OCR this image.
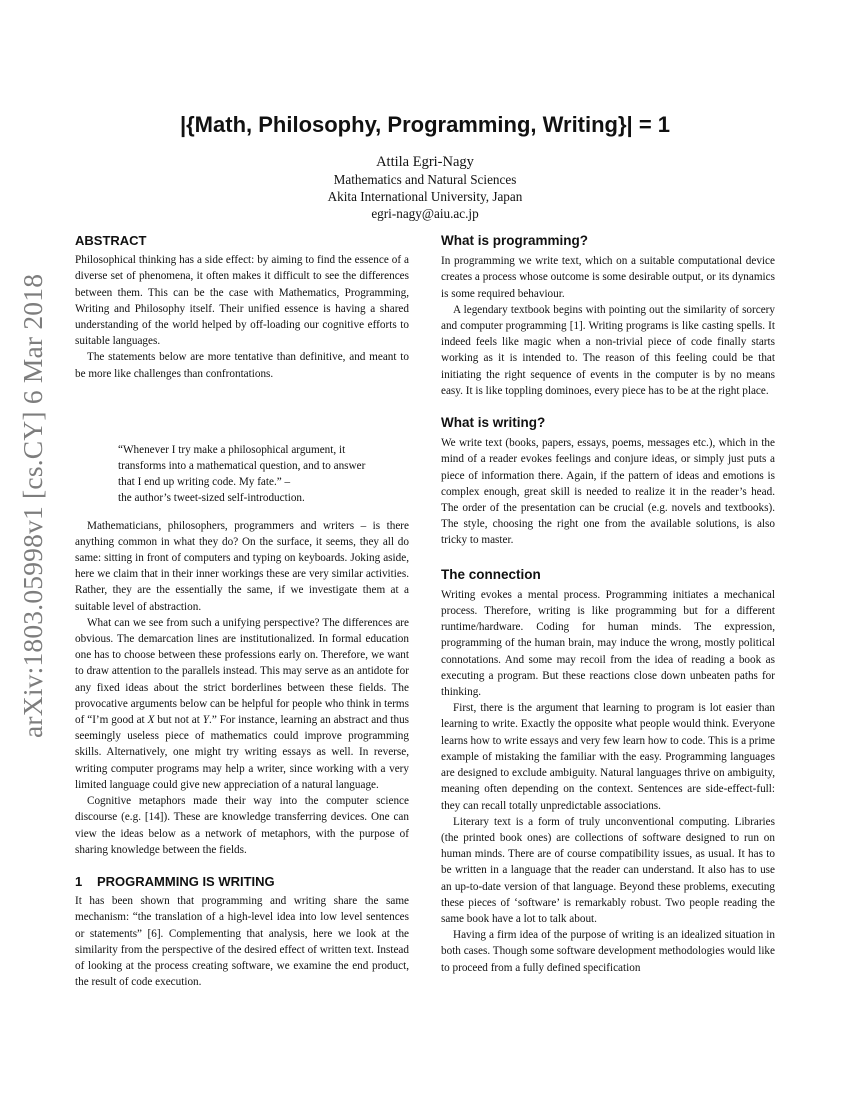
arXiv:1803.05998v1 [cs.CY] 6 Mar 2018
|{Math, Philosophy, Programming, Writing}| = 1
Attila Egri-Nagy
Mathematics and Natural Sciences
Akita International University, Japan
egri-nagy@aiu.ac.jp
ABSTRACT

Philosophical thinking has a side effect: by aiming to find the essence of a diverse set of phenomena, it often makes it difficult to see the differences between them. This can be the case with Mathematics, Programming, Writing and Philosophy itself. Their unified essence is having a shared understanding of the world helped by off-loading our cognitive efforts to suitable languages.

The statements below are more tentative than definitive, and meant to be more like challenges than confrontations.

“Whenever I try make a philosophical argument, it transforms into a mathematical question, and to answer that I end up writing code. My fate.” –
the author’s tweet-sized self-introduction.

Mathematicians, philosophers, programmers and writers – is there anything common in what they do? On the surface, it seems, they all do same: sitting in front of computers and typing on keyboards. Joking aside, here we claim that in their inner workings these are very similar activities. Rather, they are the essentially the same, if we investigate them at a suitable level of abstraction.

What can we see from such a unifying perspective? The differences are obvious. The demarcation lines are institutionalized. In formal education one has to choose between these professions early on. Therefore, we want to draw attention to the parallels instead. This may serve as an antidote for any fixed ideas about the strict borderlines between these fields. The provocative arguments below can be helpful for people who think in terms of “I’m good at X but not at Y.” For instance, learning an abstract and thus seemingly useless piece of mathematics could improve programming skills. Alternatively, one might try writing essays as well. In reverse, writing computer programs may help a writer, since working with a very limited language could give new appreciation of a natural language.

Cognitive metaphors made their way into the computer science discourse (e.g. [14]). These are knowledge transferring devices. One can view the ideas below as a network of metaphors, with the purpose of sharing knowledge between the fields.

1 PROGRAMMING IS WRITING

It has been shown that programming and writing share the same mechanism: “the translation of a high-level idea into low level sentences or statements” [6]. Complementing that analysis, here we look at the similarity from the perspective of the desired effect of written text. Instead of looking at the process creating software, we examine the end product, the result of code execution.

What is programming?

In programming we write text, which on a suitable computational device creates a process whose outcome is some desirable output, or its dynamics is some required behaviour.

A legendary textbook begins with pointing out the similarity of sorcery and computer programming [1]. Writing programs is like casting spells. It indeed feels like magic when a non-trivial piece of code finally starts working as it is intended to. The reason of this feeling could be that initiating the right sequence of events in the computer is by no means easy. It is like toppling dominoes, every piece has to be at the right place.

What is writing?

We write text (books, papers, essays, poems, messages etc.), which in the mind of a reader evokes feelings and conjure ideas, or simply just puts a piece of information there. Again, if the pattern of ideas and emotions is complex enough, great skill is needed to realize it in the reader’s head. The order of the presentation can be crucial (e.g. novels and textbooks). The style, choosing the right one from the available solutions, is also tricky to master.

The connection

Writing evokes a mental process. Programming initiates a mechanical process. Therefore, writing is like programming but for a different runtime/hardware. Coding for human minds. The expression, programming of the human brain, may induce the wrong, mostly political connotations. And some may recoil from the idea of reading a book as executing a program. But these reactions close down unbeaten paths for thinking.

First, there is the argument that learning to program is lot easier than learning to write. Exactly the opposite what people would think. Everyone learns how to write essays and very few learn how to code. This is a prime example of mistaking the familiar with the easy. Programming languages are designed to exclude ambiguity. Natural languages thrive on ambiguity, meaning often depending on the context. Sentences are side-effect-full: they can recall totally unpredictable associations.

Literary text is a form of truly unconventional computing. Libraries (the printed book ones) are collections of software designed to run on human minds. There are of course compatibility issues, as usual. It has to be written in a language that the reader can understand. It also has to use an up-to-date version of that language. Beyond these problems, executing these pieces of ‘software’ is remarkably robust. Two people reading the same book have a lot to talk about.

Having a firm idea of the purpose of writing is an idealized situation in both cases. Though some software development methodologies would like to proceed from a fully defined specification
